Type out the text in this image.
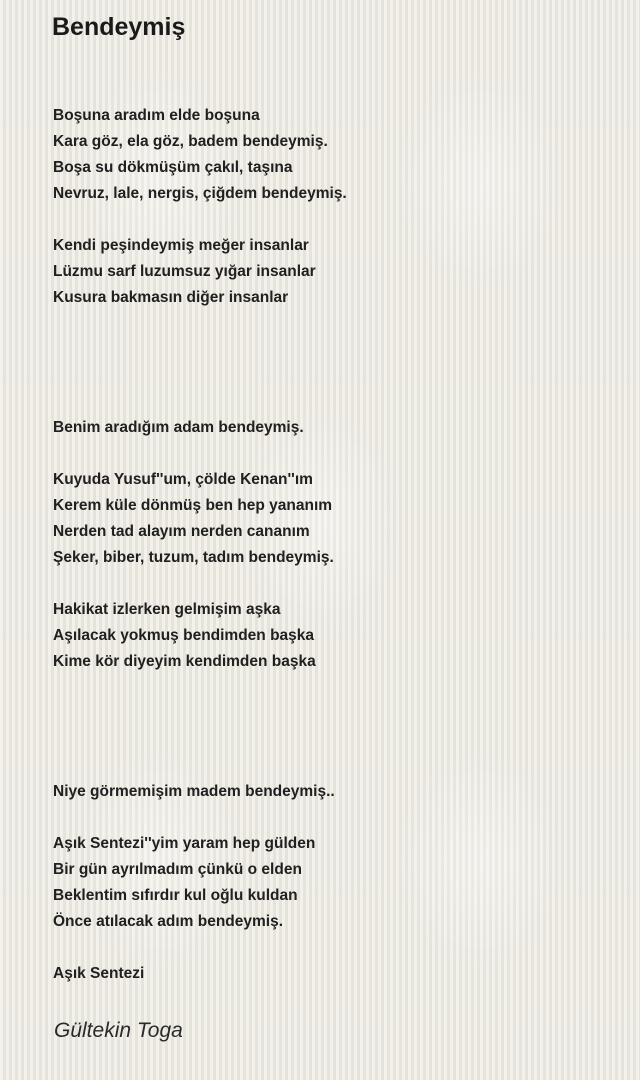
Bendeymiş
Boşuna aradım elde boşuna
Kara göz, ela göz, badem bendeymiş.
Boşa su dökmüşüm çakıl, taşına
Nevruz, lale, nergis, çiğdem bendeymiş.
Kendi peşindeymiş meğer insanlar
Lüzmu sarf luzumsuz yığar insanlar
Kusura bakmasın diğer insanlar
Benim aradığım adam bendeymiş.
Kuyuda Yusuf''um, çölde Kenan''ım
Kerem küle dönmüş ben hep yananım
Nerden tad alayım nerden cananım
Şeker, biber, tuzum, tadım bendeymiş.
Hakikat izlerken gelmişim aşka
Aşılacak yokmuş bendimden başka
Kime kör diyeyim kendimden başka
Niye görmemişim madem bendeymiş..
Aşık Sentezi''yim yaram hep gülden
Bir gün ayrılmadım çünkü o elden
Beklentim sıfırdır kul oğlu kuldan
Önce atılacak adım bendeymiş.
Aşık Sentezi
Gültekin Toga
